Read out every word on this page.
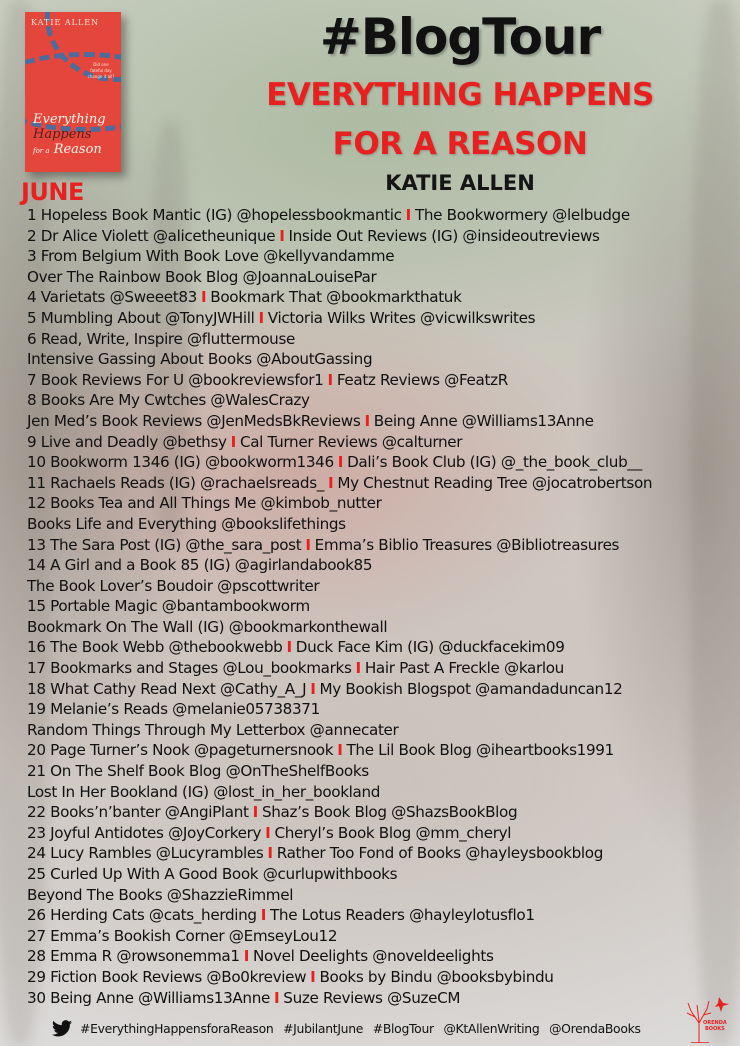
KATIE ALLEN
Did one fateful day change it all?
Everything
Happens
for a Reason
#BlogTour
EVERYTHING HAPPENS
FOR A REASON
KATIE ALLEN
JUNE
1 Hopeless Book Mantic (IG) @hopelessbookmantic I The Bookwormery @lelbudge
2 Dr Alice Violett @alicetheunique I Inside Out Reviews (IG) @insideoutreviews
3 From Belgium With Book Love @kellyvandamme
Over The Rainbow Book Blog @JoannaLouisePar
4 Varietats @Sweeet83 I Bookmark That @bookmarkthatuk
5 Mumbling About @TonyJWHill I Victoria Wilks Writes @vicwilkswrites
6 Read, Write, Inspire @fluttermouse
Intensive Gassing About Books @AboutGassing
7 Book Reviews For U @bookreviewsfor1 I Featz Reviews @FeatzR
8 Books Are My Cwtches @WalesCrazy
Jen Med’s Book Reviews @JenMedsBkReviews I Being Anne @Williams13Anne
9 Live and Deadly @bethsy I Cal Turner Reviews @calturner
10 Bookworm 1346 (IG) @bookworm1346 I Dali’s Book Club (IG) @_the_book_club__
11 Rachaels Reads (IG) @rachaelsreads_ I My Chestnut Reading Tree @jocatrobertson
12 Books Tea and All Things Me @kimbob_nutter
Books Life and Everything @bookslifethings
13 The Sara Post (IG) @the_sara_post I Emma’s Biblio Treasures @Bibliotreasures
14 A Girl and a Book 85 (IG) @agirlandabook85
The Book Lover’s Boudoir @pscottwriter
15 Portable Magic @bantambookworm
Bookmark On The Wall (IG) @bookmarkonthewall
16 The Book Webb @thebookwebb I Duck Face Kim (IG) @duckfacekim09
17 Bookmarks and Stages @Lou_bookmarks I Hair Past A Freckle @karlou
18 What Cathy Read Next @Cathy_A_J I My Bookish Blogspot @amandaduncan12
19 Melanie’s Reads @melanie05738371
Random Things Through My Letterbox @annecater
20 Page Turner’s Nook @pageturnersnook I The Lil Book Blog @iheartbooks1991
21 On The Shelf Book Blog @OnTheShelfBooks
Lost In Her Bookland (IG) @lost_in_her_bookland
22 Books’n’banter @AngiPlant I Shaz’s Book Blog @ShazsBookBlog
23 Joyful Antidotes @JoyCorkery I Cheryl’s Book Blog @mm_cheryl
24 Lucy Rambles @Lucyrambles I Rather Too Fond of Books @hayleysbookblog
25 Curled Up With A Good Book @curlupwithbooks
Beyond The Books @ShazzieRimmel
26 Herding Cats @cats_herding I The Lotus Readers @hayleylotusflo1
27 Emma’s Bookish Corner @EmseyLou12
28 Emma R @rowsonemma1 I Novel Deelights @noveldeelights
29 Fiction Book Reviews @Bo0kreview I Books by Bindu @booksbybindu
30 Being Anne @Williams13Anne I Suze Reviews @SuzeCM
#EverythingHappensforaReason #JubilantJune #BlogTour @KtAllenWriting @OrendaBooks	ORENDA
BOOKS
